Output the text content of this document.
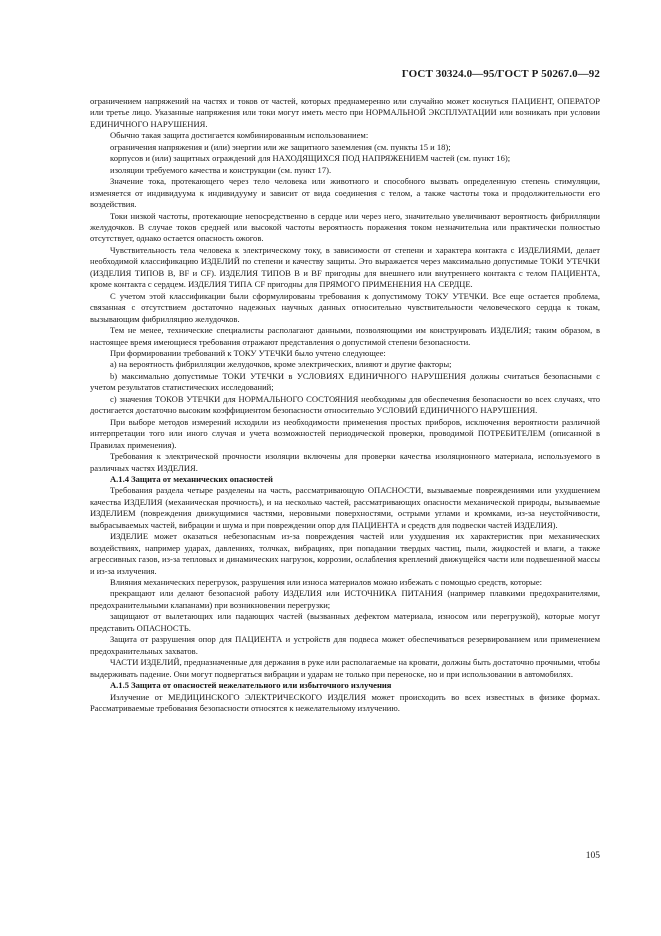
ГОСТ 30324.0—95/ГОСТ Р 50267.0—92

ограничением напряжений на частях и токов от частей, которых преднамеренно или случайно может коснуться ПАЦИЕНТ, ОПЕРАТОР или третье лицо. Указанные напряжения или токи могут иметь место при НОРМАЛЬНОЙ ЭКСПЛУАТАЦИИ или возникать при условии ЕДИНИЧНОГО НАРУШЕНИЯ.

Обычно такая защита достигается комбинированным использованием:

ограничения напряжения и (или) энергии или же защитного заземления (см. пункты 15 и 18);

корпусов и (или) защитных ограждений для НАХОДЯЩИХСЯ ПОД НАПРЯЖЕНИЕМ частей (см. пункт 16);

изоляции требуемого качества и конструкции (см. пункт 17).

Значение тока, протекающего через тело человека или животного и способного вызвать определенную степень стимуляции, изменяется от индивидуума к индивидууму и зависит от вида соединения с телом, а также частоты тока и продолжительности его воздействия.

Токи низкой частоты, протекающие непосредственно в сердце или через него, значительно увеличивают вероятность фибрилляции желудочков. В случае токов средней или высокой частоты вероятность поражения током незначительна или практически полностью отсутствует, однако остается опасность ожогов.

Чувствительность тела человека к электрическому току, в зависимости от степени и характера контакта с ИЗДЕЛИЯМИ, делает необходимой классификацию ИЗДЕЛИЙ по степени и качеству защиты. Это выражается через максимально допустимые ТОКИ УТЕЧКИ (ИЗДЕЛИЯ ТИПОВ В, BF и CF). ИЗДЕЛИЯ ТИПОВ В и BF пригодны для внешнего или внутреннего контакта с телом ПАЦИЕНТА, кроме контакта с сердцем. ИЗДЕЛИЯ ТИПА CF пригодны для ПРЯМОГО ПРИМЕНЕНИЯ НА СЕРДЦЕ.

С учетом этой классификации были сформулированы требования к допустимому ТОКУ УТЕЧКИ. Все еще остается проблема, связанная с отсутствием достаточно надежных научных данных относительно чувствительности человеческого сердца к токам, вызывающим фибрилляцию желудочков.

Тем не менее, технические специалисты располагают данными, позволяющими им конструировать ИЗДЕЛИЯ; таким образом, в настоящее время имеющиеся требования отражают представления о допустимой степени безопасности.

При формировании требований к ТОКУ УТЕЧКИ было учтено следующее:

а) на вероятность фибрилляции желудочков, кроме электрических, влияют и другие факторы;

b) максимально допустимые ТОКИ УТЕЧКИ в УСЛОВИЯХ ЕДИНИЧНОГО НАРУШЕНИЯ должны считаться безопасными с учетом результатов статистических исследований;

с) значения ТОКОВ УТЕЧКИ для НОРМАЛЬНОГО СОСТОЯНИЯ необходимы для обеспечения безопасности во всех случаях, что достигается достаточно высоким коэффициентом безопасности относительно УСЛОВИЙ ЕДИНИЧНОГО НАРУШЕНИЯ.

При выборе методов измерений исходили из необходимости применения простых приборов, исключения вероятности различной интерпретации того или иного случая и учета возможностей периодической проверки, проводимой ПОТРЕБИТЕЛЕМ (описанной в Правилах применения).

Требования к электрической прочности изоляции включены для проверки качества изоляционного материала, используемого в различных частях ИЗДЕЛИЯ.

А.1.4 Защита от механических опасностей

Требования раздела четыре разделены на часть, рассматривающую ОПАСНОСТИ, вызываемые повреждениями или ухудшением качества ИЗДЕЛИЯ (механическая прочность), и на несколько частей, рассматривающих опасности механической природы, вызываемые ИЗДЕЛИЕМ (повреждения движущимися частями, неровными поверхностями, острыми углами и кромками, из-за неустойчивости, выбрасываемых частей, вибрации и шума и при повреждении опор для ПАЦИЕНТА и средств для подвески частей ИЗДЕЛИЯ).

ИЗДЕЛИЕ может оказаться небезопасным из-за повреждения частей или ухудшения их характеристик при механических воздействиях, например ударах, давлениях, толчках, вибрациях, при попадании твердых частиц, пыли, жидкостей и влаги, а также агрессивных газов, из-за тепловых и динамических нагрузок, коррозии, ослабления креплений движущейся части или подвешенной массы и из-за излучения.

Влияния механических перегрузок, разрушения или износа материалов можно избежать с помощью средств, которые:

прекращают или делают безопасной работу ИЗДЕЛИЯ или ИСТОЧНИКА ПИТАНИЯ (например плавкими предохранителями, предохранительными клапанами) при возникновении перегрузки;

защищают от вылетающих или падающих частей (вызванных дефектом материала, износом или перегрузкой), которые могут представить ОПАСНОСТЬ.

Защита от разрушения опор для ПАЦИЕНТА и устройств для подвеса может обеспечиваться резервированием или применением предохранительных захватов.

ЧАСТИ ИЗДЕЛИЙ, предназначенные для держания в руке или располагаемые на кровати, должны быть достаточно прочными, чтобы выдерживать падение. Они могут подвергаться вибрации и ударам не только при переноске, но и при использовании в автомобилях.

А.1.5 Защита от опасностей нежелательного или избыточного излучения

Излучение от МЕДИЦИНСКОГО ЭЛЕКТРИЧЕСКОГО ИЗДЕЛИЯ может происходить во всех известных в физике формах. Рассматриваемые требования безопасности относятся к нежелательному излучению.

105
